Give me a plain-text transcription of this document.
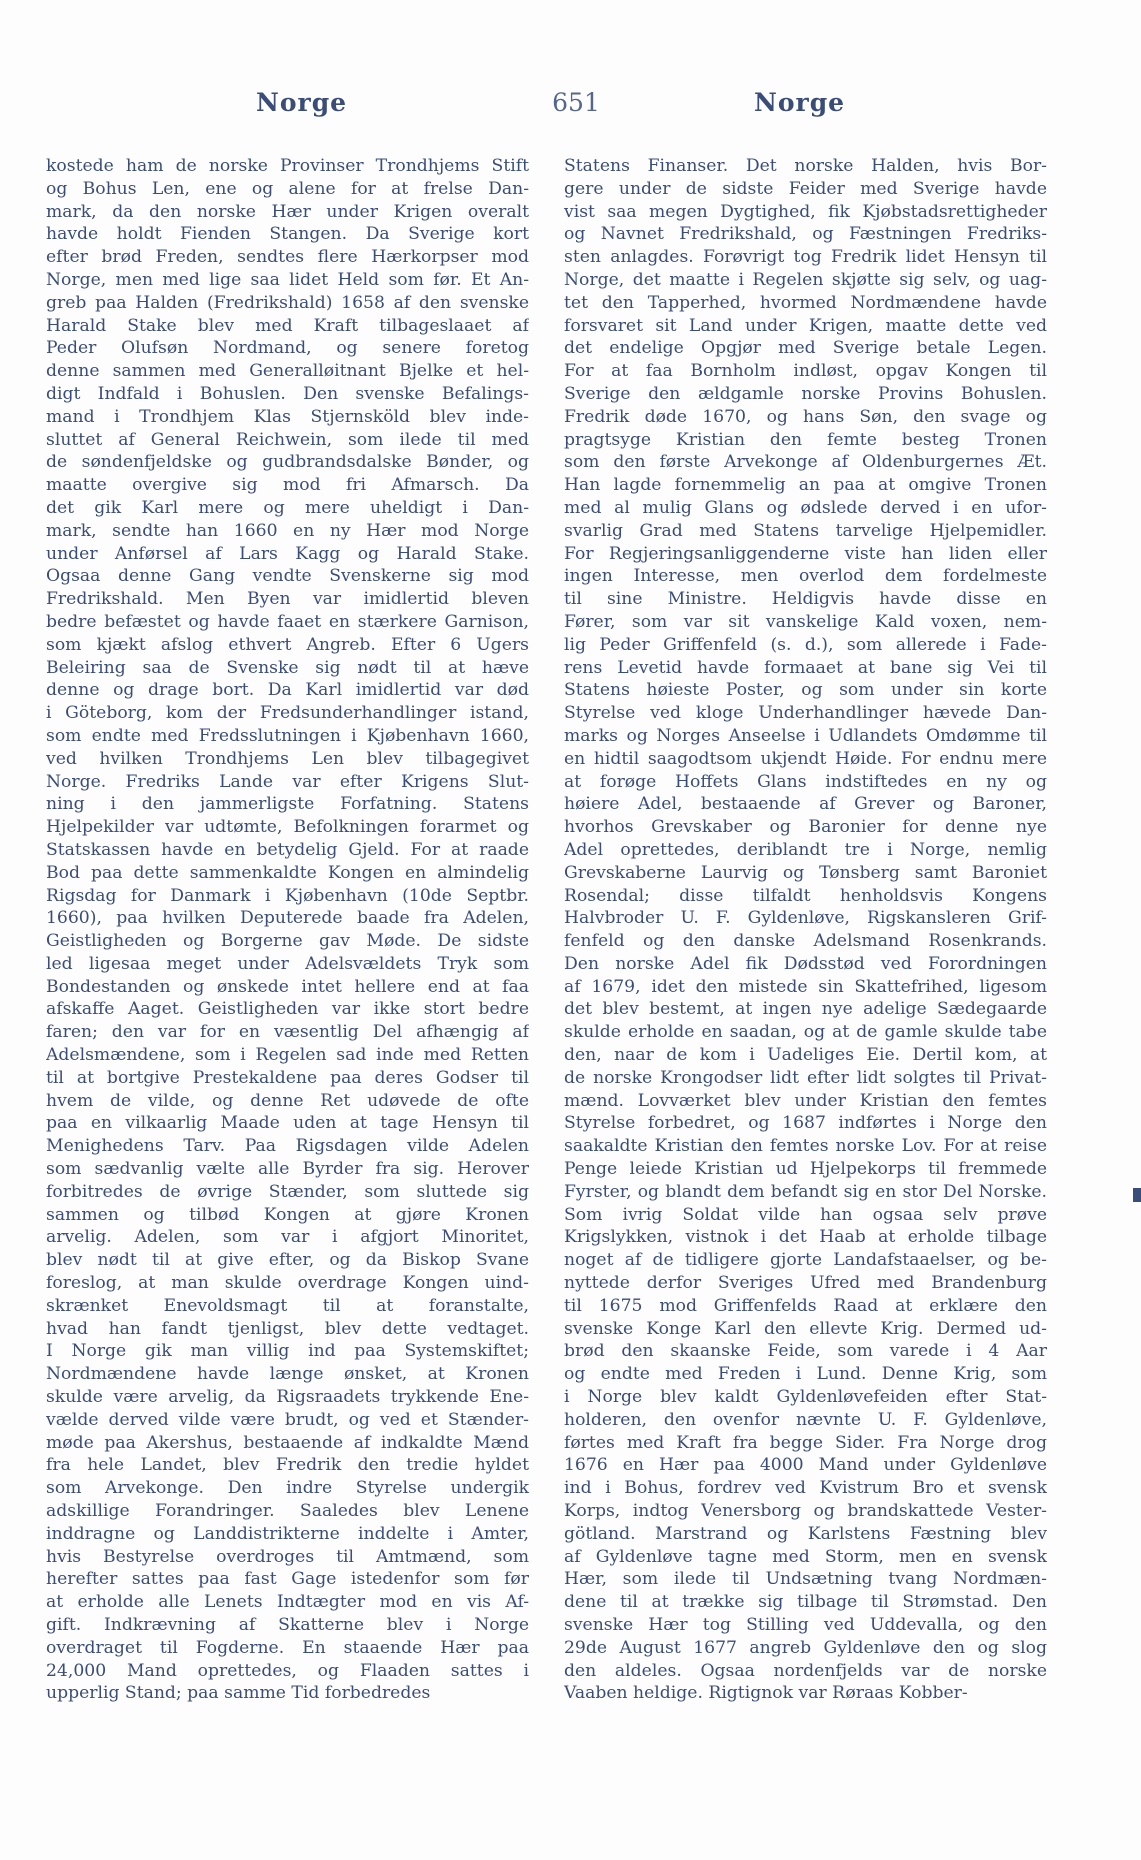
Norge	651	Norge
kostede ham de norske Provinser Trondhjems Stift
og Bohus Len, ene og alene for at frelse Dan-
mark, da den norske Hær under Krigen overalt
havde holdt Fienden Stangen. Da Sverige kort
efter brød Freden, sendtes flere Hærkorpser mod
Norge, men med lige saa lidet Held som før. Et An-
greb paa Halden (Fredrikshald) 1658 af den svenske
Harald Stake blev med Kraft tilbageslaaet af
Peder Olufsøn Nordmand, og senere foretog
denne sammen med Generalløitnant Bjelke et hel-
digt Indfald i Bohuslen. Den svenske Befalings-
mand i Trondhjem Klas Stjernsköld blev inde-
sluttet af General Reichwein, som ilede til med
de søndenfjeldske og gudbrandsdalske Bønder, og
maatte overgive sig mod fri Afmarsch. Da
det gik Karl mere og mere uheldigt i Dan-
mark, sendte han 1660 en ny Hær mod Norge
under Anførsel af Lars Kagg og Harald Stake.
Ogsaa denne Gang vendte Svenskerne sig mod
Fredrikshald. Men Byen var imidlertid bleven
bedre befæstet og havde faaet en stærkere Garnison,
som kjækt afslog ethvert Angreb. Efter 6 Ugers
Beleiring saa de Svenske sig nødt til at hæve
denne og drage bort. Da Karl imidlertid var død
i Göteborg, kom der Fredsunderhandlinger istand,
som endte med Fredsslutningen i Kjøbenhavn 1660,
ved hvilken Trondhjems Len blev tilbagegivet
Norge. Fredriks Lande var efter Krigens Slut-
ning i den jammerligste Forfatning. Statens
Hjelpekilder var udtømte, Befolkningen forarmet og
Statskassen havde en betydelig Gjeld. For at raade
Bod paa dette sammenkaldte Kongen en almindelig
Rigsdag for Danmark i Kjøbenhavn (10de Septbr.
1660), paa hvilken Deputerede baade fra Adelen,
Geistligheden og Borgerne gav Møde. De sidste
led ligesaa meget under Adelsvældets Tryk som
Bondestanden og ønskede intet hellere end at faa
afskaffe Aaget. Geistligheden var ikke stort bedre
faren; den var for en væsentlig Del afhængig af
Adelsmændene, som i Regelen sad inde med Retten
til at bortgive Prestekaldene paa deres Godser til
hvem de vilde, og denne Ret udøvede de ofte
paa en vilkaarlig Maade uden at tage Hensyn til
Menighedens Tarv. Paa Rigsdagen vilde Adelen
som sædvanlig vælte alle Byrder fra sig. Herover
forbitredes de øvrige Stænder, som sluttede sig
sammen og tilbød Kongen at gjøre Kronen
arvelig. Adelen, som var i afgjort Minoritet,
blev nødt til at give efter, og da Biskop Svane
foreslog, at man skulde overdrage Kongen uind-
skrænket Enevoldsmagt til at foranstalte,
hvad han fandt tjenligst, blev dette vedtaget.
I Norge gik man villig ind paa Systemskiftet;
Nordmændene havde længe ønsket, at Kronen
skulde være arvelig, da Rigsraadets trykkende Ene-
vælde derved vilde være brudt, og ved et Stænder-
møde paa Akershus, bestaaende af indkaldte Mænd
fra hele Landet, blev Fredrik den tredie hyldet
som Arvekonge. Den indre Styrelse undergik
adskillige Forandringer. Saaledes blev Lenene
inddragne og Landdistrikterne inddelte i Amter,
hvis Bestyrelse overdroges til Amtmænd, som
herefter sattes paa fast Gage istedenfor som før
at erholde alle Lenets Indtægter mod en vis Af-
gift. Indkrævning af Skatterne blev i Norge
overdraget til Fogderne. En staaende Hær paa
24,000 Mand oprettedes, og Flaaden sattes i
upperlig Stand; paa samme Tid forbedredes
Statens Finanser. Det norske Halden, hvis Bor-
gere under de sidste Feider med Sverige havde
vist saa megen Dygtighed, fik Kjøbstadsrettigheder
og Navnet Fredrikshald, og Fæstningen Fredriks-
sten anlagdes. Forøvrigt tog Fredrik lidet Hensyn til
Norge, det maatte i Regelen skjøtte sig selv, og uag-
tet den Tapperhed, hvormed Nordmændene havde
forsvaret sit Land under Krigen, maatte dette ved
det endelige Opgjør med Sverige betale Legen.
For at faa Bornholm indløst, opgav Kongen til
Sverige den ældgamle norske Provins Bohuslen.
Fredrik døde 1670, og hans Søn, den svage og
pragtsyge Kristian den femte besteg Tronen
som den første Arvekonge af Oldenburgernes Æt.
Han lagde fornemmelig an paa at omgive Tronen
med al mulig Glans og ødslede derved i en ufor-
svarlig Grad med Statens tarvelige Hjelpemidler.
For Regjeringsanliggenderne viste han liden eller
ingen Interesse, men overlod dem fordelmeste
til sine Ministre. Heldigvis havde disse en
Fører, som var sit vanskelige Kald voxen, nem-
lig Peder Griffenfeld (s. d.), som allerede i Fade-
rens Levetid havde formaaet at bane sig Vei til
Statens høieste Poster, og som under sin korte
Styrelse ved kloge Underhandlinger hævede Dan-
marks og Norges Anseelse i Udlandets Omdømme til
en hidtil saagodtsom ukjendt Høide. For endnu mere
at forøge Hoffets Glans indstiftedes en ny og
høiere Adel, bestaaende af Grever og Baroner,
hvorhos Grevskaber og Baronier for denne nye
Adel oprettedes, deriblandt tre i Norge, nemlig
Grevskaberne Laurvig og Tønsberg samt Baroniet
Rosendal; disse tilfaldt henholdsvis Kongens
Halvbroder U. F. Gyldenløve, Rigskansleren Grif-
fenfeld og den danske Adelsmand Rosenkrands.
Den norske Adel fik Dødsstød ved Forordningen
af 1679, idet den mistede sin Skattefrihed, ligesom
det blev bestemt, at ingen nye adelige Sædegaarde
skulde erholde en saadan, og at de gamle skulde tabe
den, naar de kom i Uadeliges Eie. Dertil kom, at
de norske Krongodser lidt efter lidt solgtes til Privat-
mænd. Lovværket blev under Kristian den femtes
Styrelse forbedret, og 1687 indførtes i Norge den
saakaldte Kristian den femtes norske Lov. For at reise
Penge leiede Kristian ud Hjelpekorps til fremmede
Fyrster, og blandt dem befandt sig en stor Del Norske.
Som ivrig Soldat vilde han ogsaa selv prøve
Krigslykken, vistnok i det Haab at erholde tilbage
noget af de tidligere gjorte Landafstaaelser, og be-
nyttede derfor Sveriges Ufred med Brandenburg
til 1675 mod Griffenfelds Raad at erklære den
svenske Konge Karl den ellevte Krig. Dermed ud-
brød den skaanske Feide, som varede i 4 Aar
og endte med Freden i Lund. Denne Krig, som
i Norge blev kaldt Gyldenløvefeiden efter Stat-
holderen, den ovenfor nævnte U. F. Gyldenløve,
førtes med Kraft fra begge Sider. Fra Norge drog
1676 en Hær paa 4000 Mand under Gyldenløve
ind i Bohus, fordrev ved Kvistrum Bro et svensk
Korps, indtog Venersborg og brandskattede Vester-
götland. Marstrand og Karlstens Fæstning blev
af Gyldenløve tagne med Storm, men en svensk
Hær, som ilede til Undsætning tvang Nordmæn-
dene til at trække sig tilbage til Strømstad. Den
svenske Hær tog Stilling ved Uddevalla, og den
29de August 1677 angreb Gyldenløve den og slog
den aldeles. Ogsaa nordenfjelds var de norske
Vaaben heldige. Rigtignok var Røraas Kobber-
